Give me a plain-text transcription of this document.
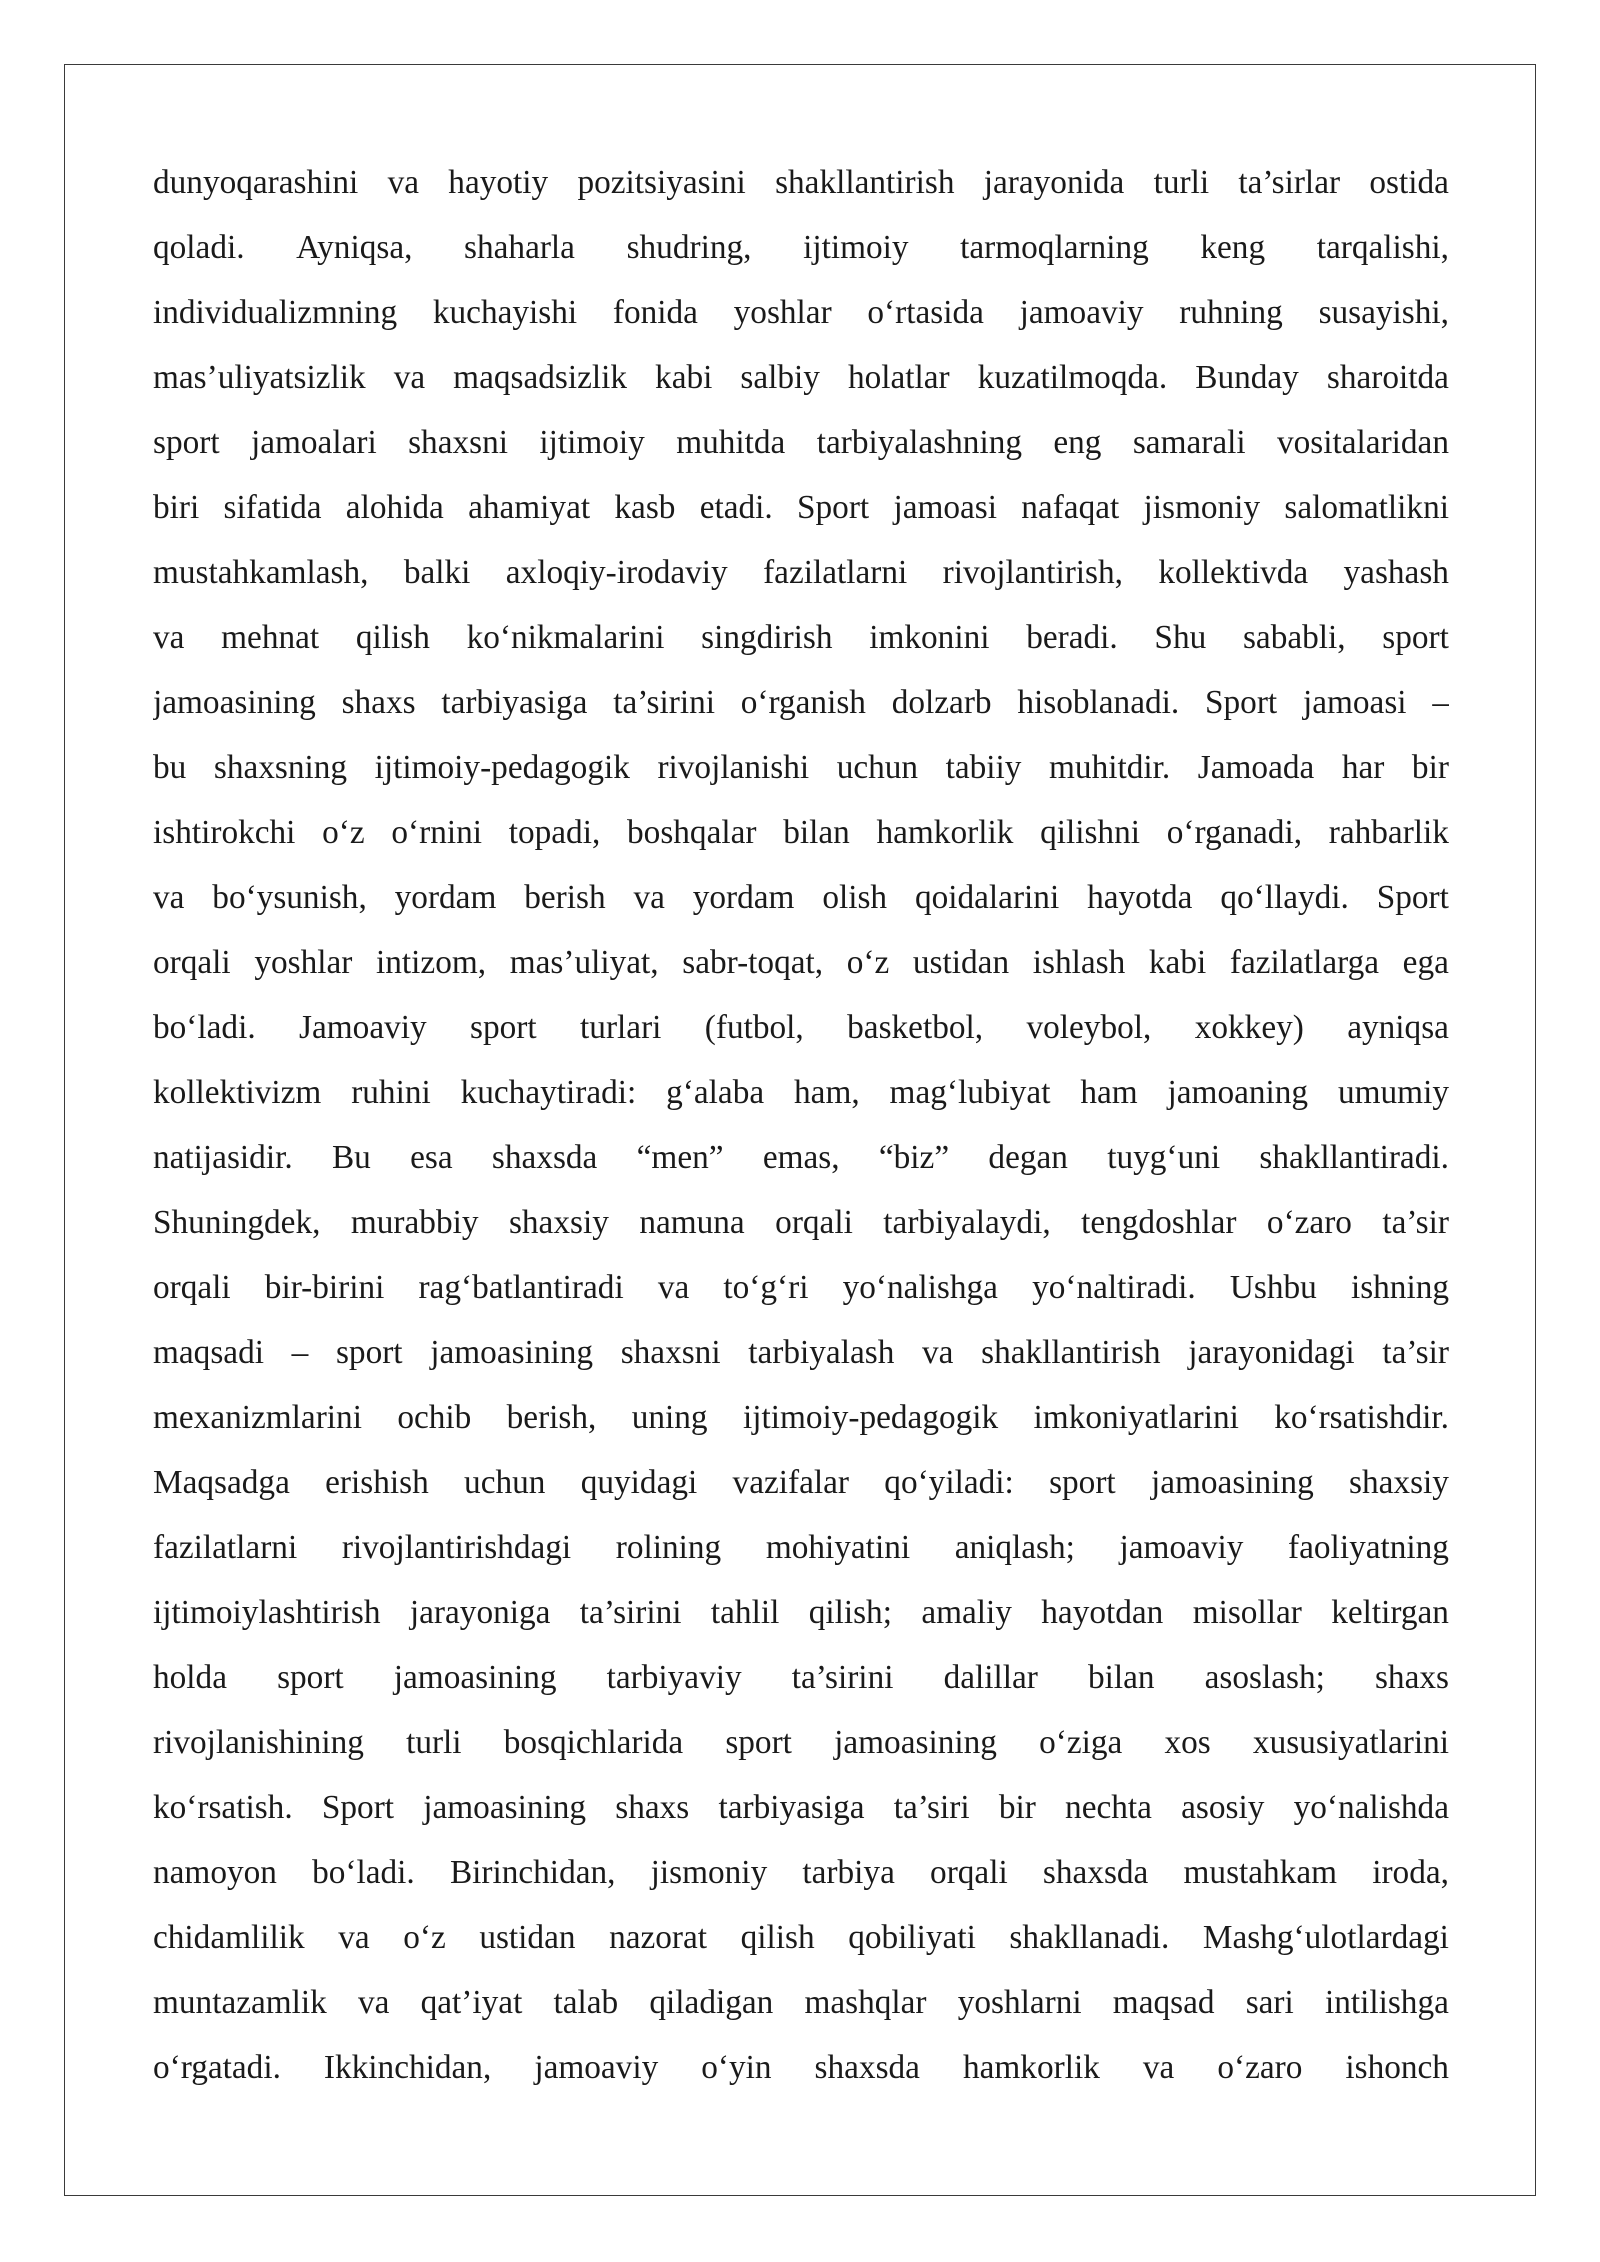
dunyoqarashini va hayotiy pozitsiyasini shakllantirish jarayonida turli ta’sirlar ostida
qoladi. Ayniqsa, shaharla shudring, ijtimoiy tarmoqlarning keng tarqalishi,
individualizmning kuchayishi fonida yoshlar o‘rtasida jamoaviy ruhning susayishi,
mas’uliyatsizlik va maqsadsizlik kabi salbiy holatlar kuzatilmoqda. Bunday sharoitda
sport jamoalari shaxsni ijtimoiy muhitda tarbiyalashning eng samarali vositalaridan
biri sifatida alohida ahamiyat kasb etadi. Sport jamoasi nafaqat jismoniy salomatlikni
mustahkamlash, balki axloqiy-irodaviy fazilatlarni rivojlantirish, kollektivda yashash
va mehnat qilish ko‘nikmalarini singdirish imkonini beradi. Shu sababli, sport
jamoasining shaxs tarbiyasiga ta’sirini o‘rganish dolzarb hisoblanadi. Sport jamoasi –
bu shaxsning ijtimoiy-pedagogik rivojlanishi uchun tabiiy muhitdir. Jamoada har bir
ishtirokchi o‘z o‘rnini topadi, boshqalar bilan hamkorlik qilishni o‘rganadi, rahbarlik
va bo‘ysunish, yordam berish va yordam olish qoidalarini hayotda qo‘llaydi. Sport
orqali yoshlar intizom, mas’uliyat, sabr-toqat, o‘z ustidan ishlash kabi fazilatlarga ega
bo‘ladi. Jamoaviy sport turlari (futbol, basketbol, voleybol, xokkey) ayniqsa
kollektivizm ruhini kuchaytiradi: g‘alaba ham, mag‘lubiyat ham jamoaning umumiy
natijasidir. Bu esa shaxsda “men” emas, “biz” degan tuyg‘uni shakllantiradi.
Shuningdek, murabbiy shaxsiy namuna orqali tarbiyalaydi, tengdoshlar o‘zaro ta’sir
orqali bir-birini rag‘batlantiradi va to‘g‘ri yo‘nalishga yo‘naltiradi. Ushbu ishning
maqsadi – sport jamoasining shaxsni tarbiyalash va shakllantirish jarayonidagi ta’sir
mexanizmlarini ochib berish, uning ijtimoiy-pedagogik imkoniyatlarini ko‘rsatishdir.
Maqsadga erishish uchun quyidagi vazifalar qo‘yiladi: sport jamoasining shaxsiy
fazilatlarni rivojlantirishdagi rolining mohiyatini aniqlash; jamoaviy faoliyatning
ijtimoiylashtirish jarayoniga ta’sirini tahlil qilish; amaliy hayotdan misollar keltirgan
holda sport jamoasining tarbiyaviy ta’sirini dalillar bilan asoslash; shaxs
rivojlanishining turli bosqichlarida sport jamoasining o‘ziga xos xususiyatlarini
ko‘rsatish. Sport jamoasining shaxs tarbiyasiga ta’siri bir nechta asosiy yo‘nalishda
namoyon bo‘ladi. Birinchidan, jismoniy tarbiya orqali shaxsda mustahkam iroda,
chidamlilik va o‘z ustidan nazorat qilish qobiliyati shakllanadi. Mashg‘ulotlardagi
muntazamlik va qat’iyat talab qiladigan mashqlar yoshlarni maqsad sari intilishga
o‘rgatadi. Ikkinchidan, jamoaviy o‘yin shaxsda hamkorlik va o‘zaro ishonch
